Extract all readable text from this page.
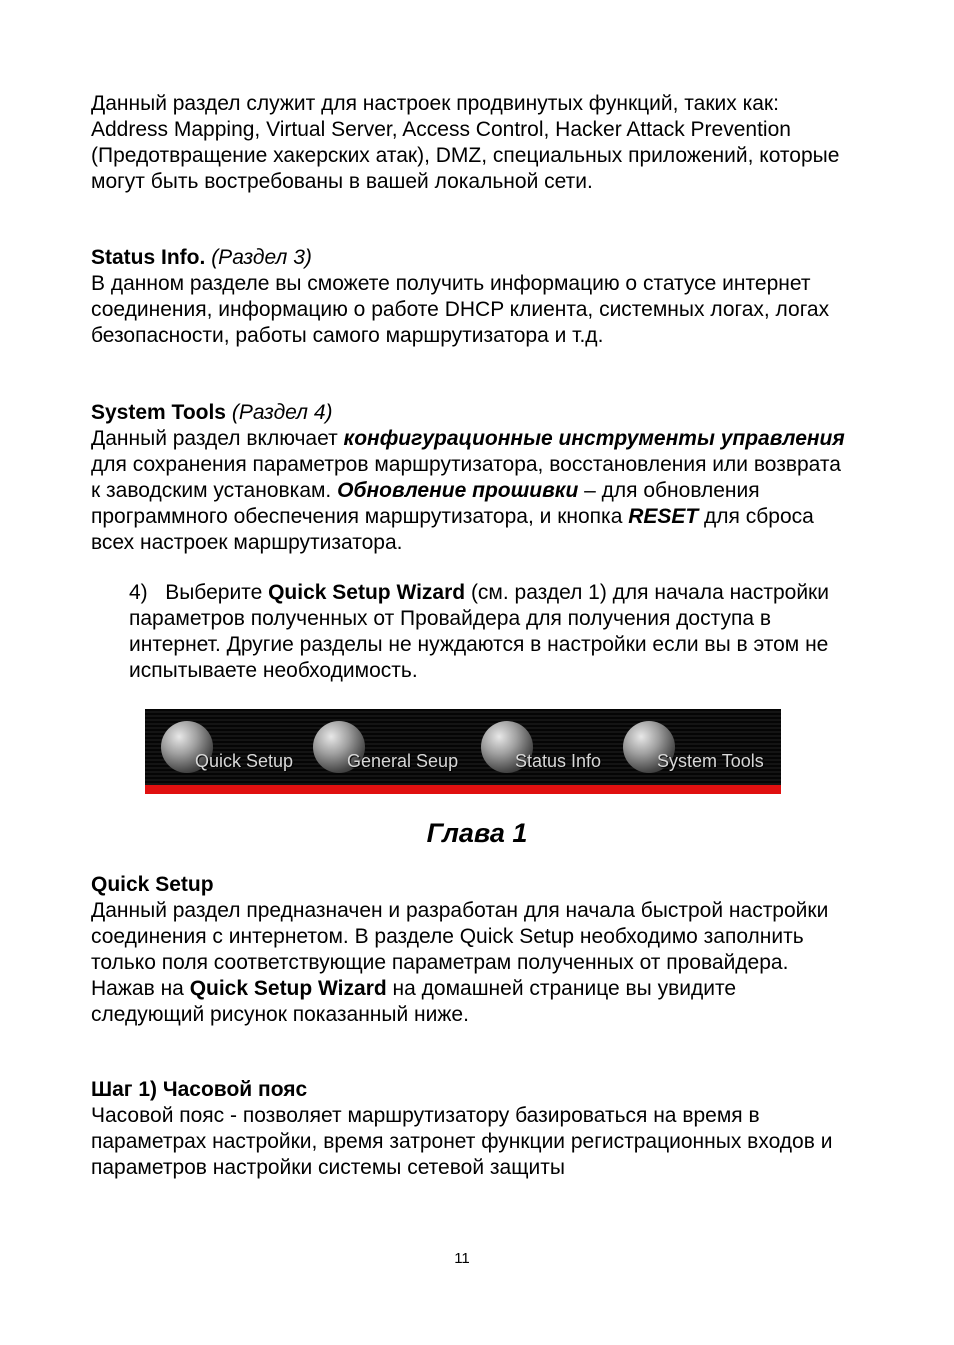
Данный раздел служит для настроек продвинутых функций, таких как: Address Mapping, Virtual Server, Access Control, Hacker Attack Prevention (Предотвращение хакерских атак), DMZ, специальных приложений, которые могут быть востребованы в вашей локальной сети.

Status Info. (Раздел 3)
В данном разделе вы сможете получить информацию о статусе интернет соединения, информацию о работе DHCP клиента, системных логах, логах безопасности, работы самого маршрутизатора и т.д.

System Tools (Раздел 4)
Данный раздел включает конфигурационные инструменты управления для сохранения параметров маршрутизатора, восстановления или возврата к заводским установкам. Обновление прошивки – для обновления программного обеспечения маршрутизатора, и кнопка RESET для сброса всех настроек маршрутизатора.

4) Выберите Quick Setup Wizard (см. раздел 1) для начала настройки параметров полученных от Провайдера для получения доступа в интернет. Другие разделы не нуждаются в настройки если вы в этом не испытываете необходимость.

Quick Setup	General Seup	Status Info	System Tools
Глава 1

Quick Setup
Данный раздел предназначен и разработан для начала быстрой настройки соединения с интернетом. В разделе Quick Setup необходимо заполнить только поля соответствующие параметрам полученных от провайдера. Нажав на Quick Setup Wizard на домашней странице вы увидите следующий рисунок показанный ниже.

Шаг 1) Часовой пояс
Часовой пояс - позволяет маршрутизатору базироваться на время в параметрах настройки, время затронет функции регистрационных входов и параметров настройки системы сетевой защиты

11
